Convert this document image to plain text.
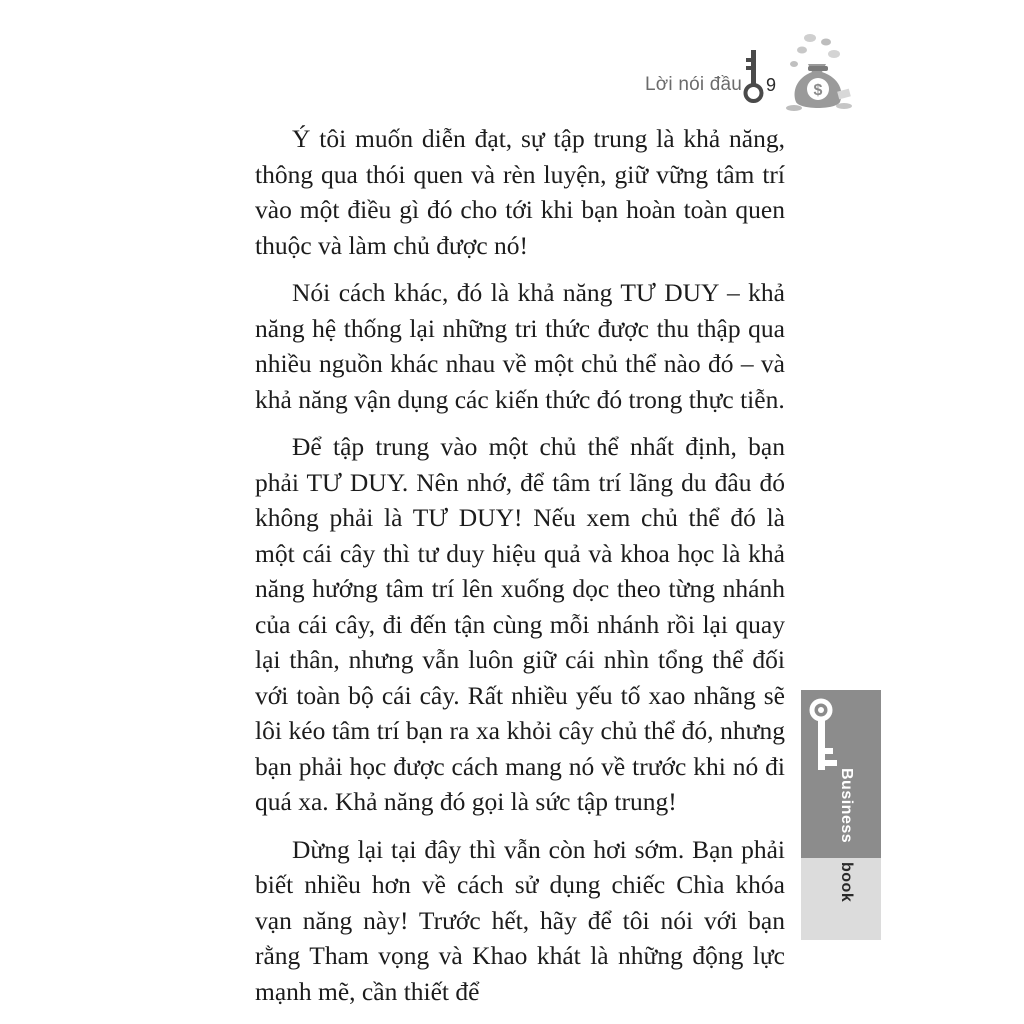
Lời nói đầu 9 $

Ý tôi muốn diễn đạt, sự tập trung là khả năng, thông qua thói quen và rèn luyện, giữ vững tâm trí vào một điều gì đó cho tới khi bạn hoàn toàn quen thuộc và làm chủ được nó!

Nói cách khác, đó là khả năng TƯ DUY – khả năng hệ thống lại những tri thức được thu thập qua nhiều nguồn khác nhau về một chủ thể nào đó – và khả năng vận dụng các kiến thức đó trong thực tiễn.

Để tập trung vào một chủ thể nhất định, bạn phải TƯ DUY. Nên nhớ, để tâm trí lãng du đâu đó không phải là TƯ DUY! Nếu xem chủ thể đó là một cái cây thì tư duy hiệu quả và khoa học là khả năng hướng tâm trí lên xuống dọc theo từng nhánh của cái cây, đi đến tận cùng mỗi nhánh rồi lại quay lại thân, nhưng vẫn luôn giữ cái nhìn tổng thể đối với toàn bộ cái cây. Rất nhiều yếu tố xao nhãng sẽ lôi kéo tâm trí bạn ra xa khỏi cây chủ thể đó, nhưng bạn phải học được cách mang nó về trước khi nó đi quá xa. Khả năng đó gọi là sức tập trung!

Dừng lại tại đây thì vẫn còn hơi sớm. Bạn phải biết nhiều hơn về cách sử dụng chiếc Chìa khóa vạn năng này! Trước hết, hãy để tôi nói với bạn rằng Tham vọng và Khao khát là những động lực mạnh mẽ, cần thiết để

Business
book
